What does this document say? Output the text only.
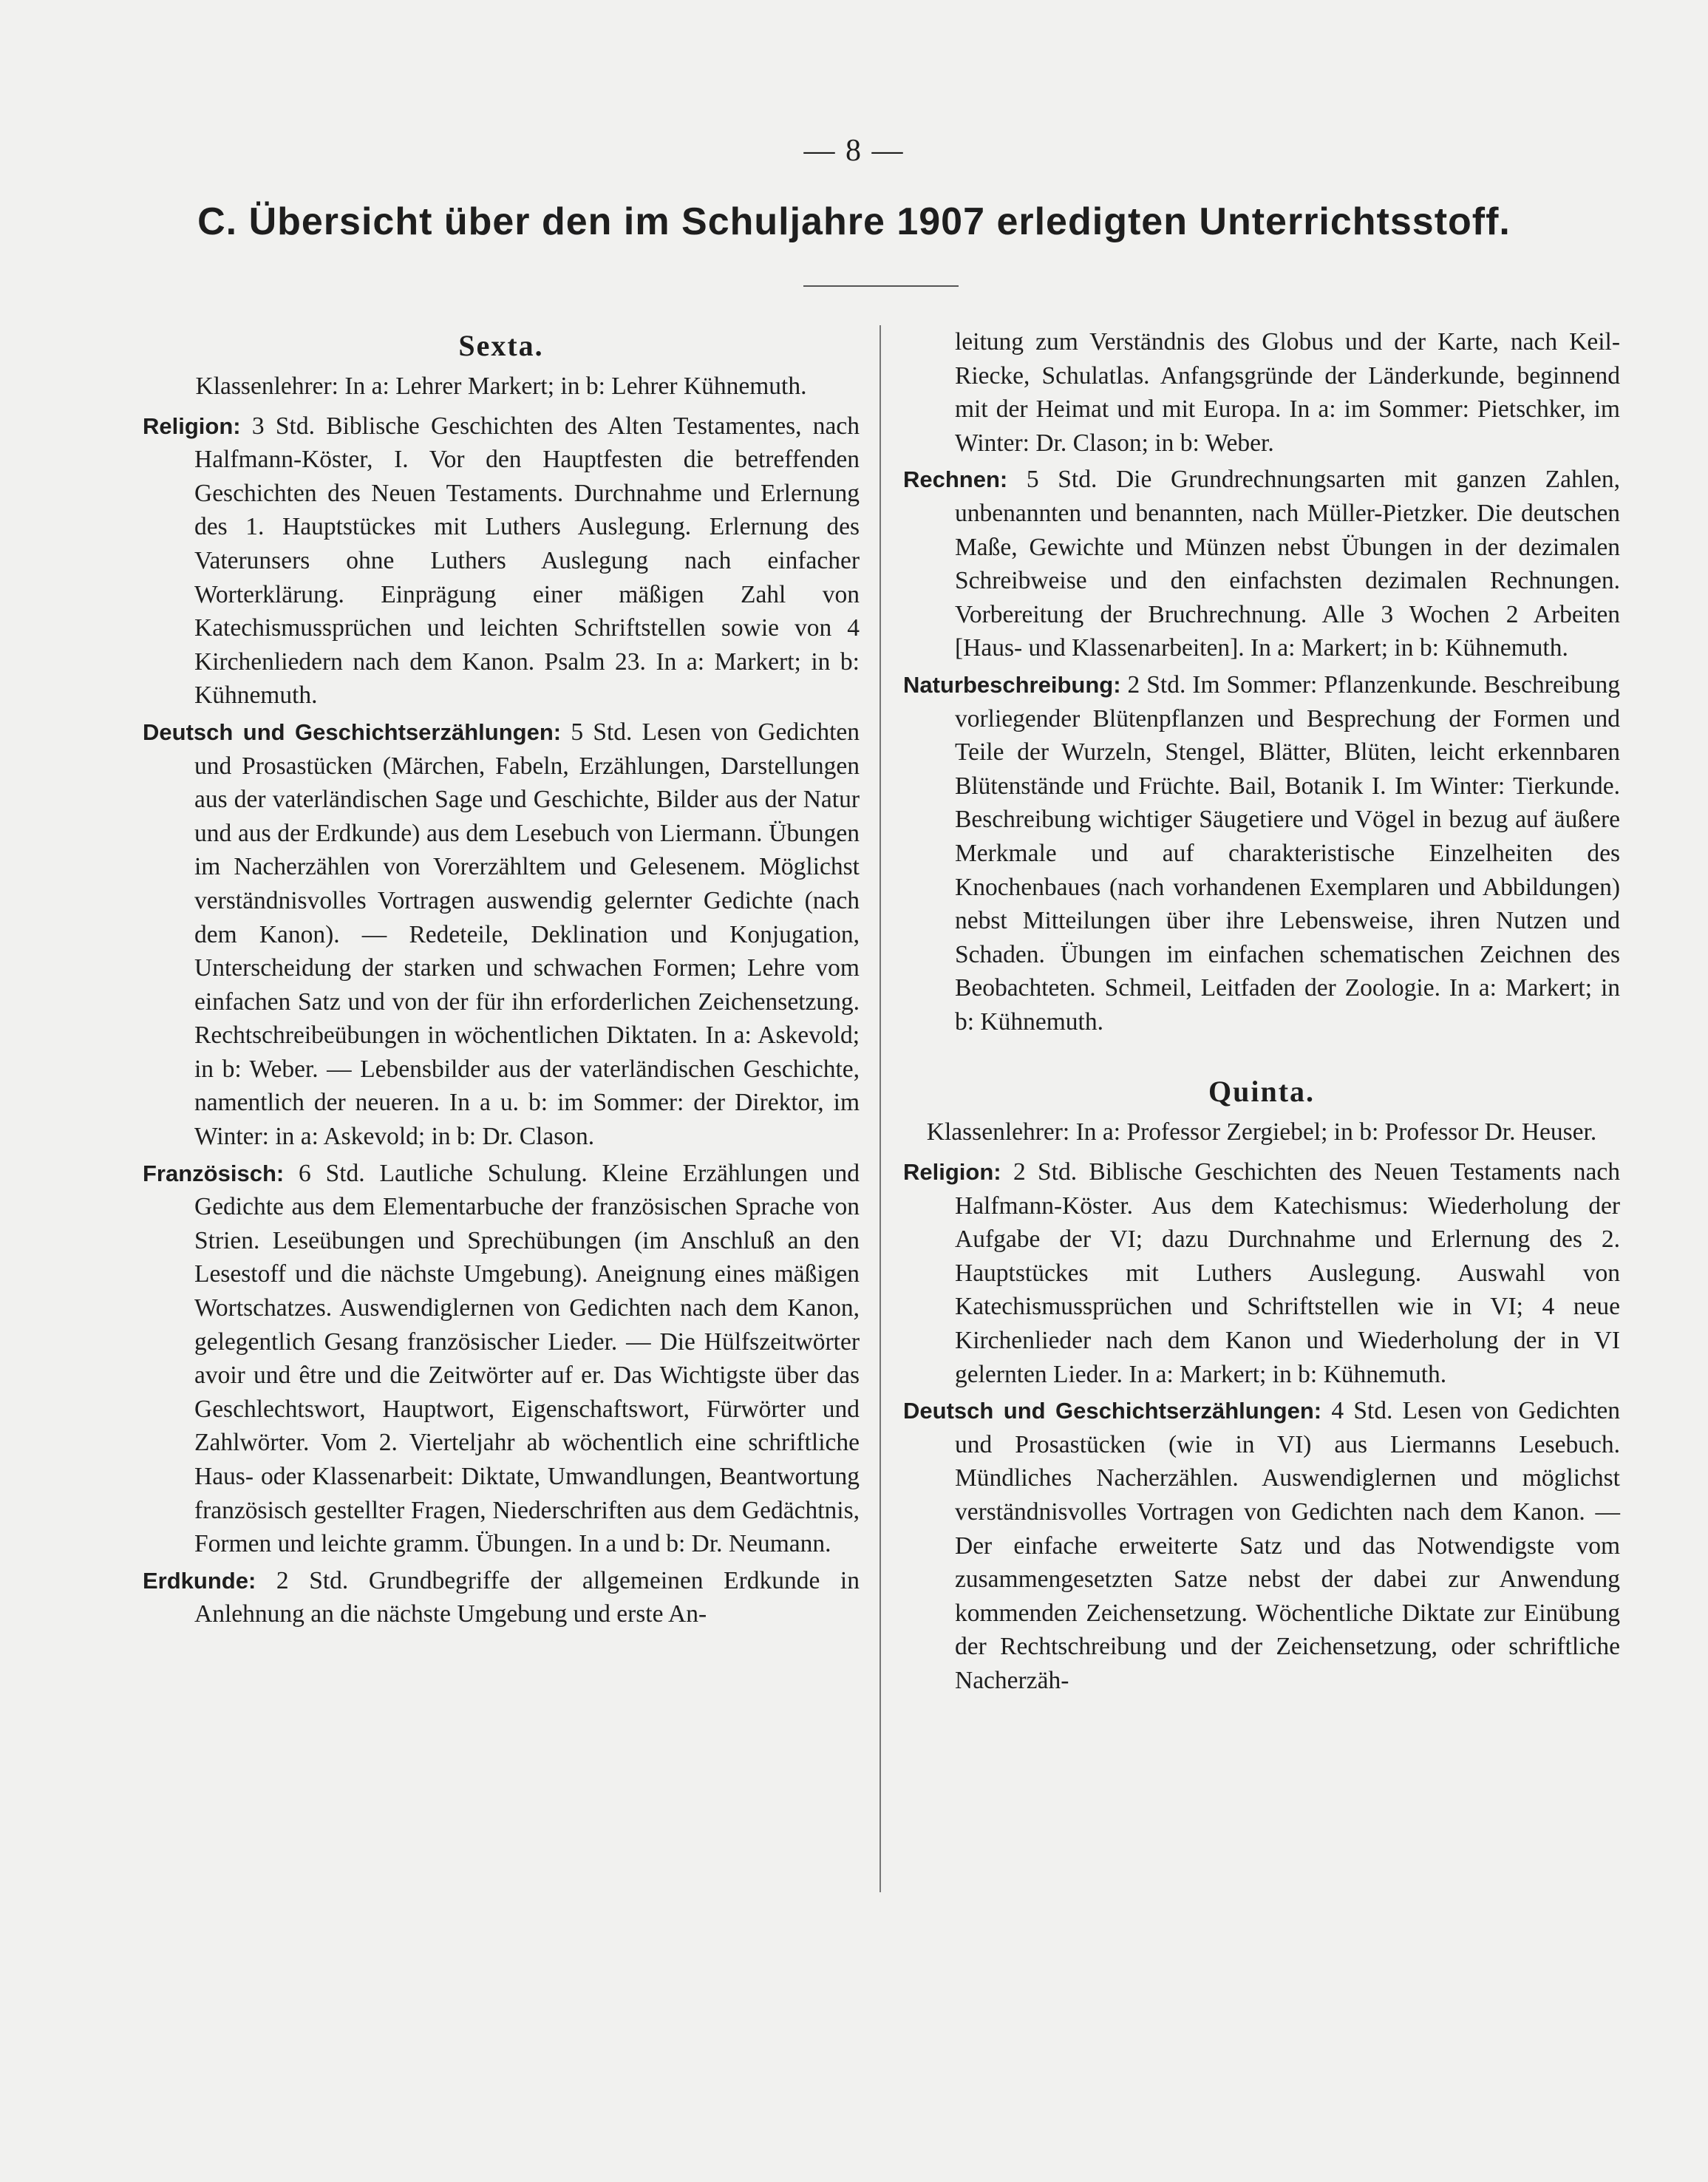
— 8 —
C. Übersicht über den im Schuljahre 1907 erledigten Unterrichtsstoff.
Sexta.
Klassenlehrer: In a: Lehrer Markert; in b: Lehrer Kühnemuth.
Religion: 3 Std. Biblische Geschichten des Alten Testamentes, nach Halfmann-Köster, I. Vor den Hauptfesten die betreffenden Geschichten des Neuen Testaments. Durchnahme und Erlernung des 1. Hauptstückes mit Luthers Auslegung. Erlernung des Vaterunsers ohne Luthers Auslegung nach einfacher Worterklärung. Einprägung einer mäßigen Zahl von Katechismussprüchen und leichten Schriftstellen sowie von 4 Kirchenliedern nach dem Kanon. Psalm 23. In a: Markert; in b: Kühnemuth.
Deutsch und Geschichtserzählungen: 5 Std. Lesen von Gedichten und Prosastücken (Märchen, Fabeln, Erzählungen, Darstellungen aus der vaterländischen Sage und Geschichte, Bilder aus der Natur und aus der Erdkunde) aus dem Lesebuch von Liermann. Übungen im Nacherzählen von Vorerzähltem und Gelesenem. Möglichst verständnisvolles Vortragen auswendig gelernter Gedichte (nach dem Kanon). — Redeteile, Deklination und Konjugation, Unterscheidung der starken und schwachen Formen; Lehre vom einfachen Satz und von der für ihn erforderlichen Zeichensetzung. Rechtschreibeübungen in wöchentlichen Diktaten. In a: Askevold; in b: Weber. — Lebensbilder aus der vaterländischen Geschichte, namentlich der neueren. In a u. b: im Sommer: der Direktor, im Winter: in a: Askevold; in b: Dr. Clason.
Französisch: 6 Std. Lautliche Schulung. Kleine Erzählungen und Gedichte aus dem Elementarbuche der französischen Sprache von Strien. Leseübungen und Sprechübungen (im Anschluß an den Lesestoff und die nächste Umgebung). Aneignung eines mäßigen Wortschatzes. Auswendiglernen von Gedichten nach dem Kanon, gelegentlich Gesang französischer Lieder. — Die Hülfszeitwörter avoir und être und die Zeitwörter auf er. Das Wichtigste über das Geschlechtswort, Hauptwort, Eigenschaftswort, Fürwörter und Zahlwörter. Vom 2. Vierteljahr ab wöchentlich eine schriftliche Haus- oder Klassenarbeit: Diktate, Umwandlungen, Beantwortung französisch gestellter Fragen, Niederschriften aus dem Gedächtnis, Formen und leichte gramm. Übungen. In a und b: Dr. Neumann.
Erdkunde: 2 Std. Grundbegriffe der allgemeinen Erdkunde in Anlehnung an die nächste Umgebung und erste An-
leitung zum Verständnis des Globus und der Karte, nach Keil-Riecke, Schulatlas. Anfangsgründe der Länderkunde, beginnend mit der Heimat und mit Europa. In a: im Sommer: Pietschker, im Winter: Dr. Clason; in b: Weber.
Rechnen: 5 Std. Die Grundrechnungsarten mit ganzen Zahlen, unbenannten und benannten, nach Müller-Pietzker. Die deutschen Maße, Gewichte und Münzen nebst Übungen in der dezimalen Schreibweise und den einfachsten dezimalen Rechnungen. Vorbereitung der Bruchrechnung. Alle 3 Wochen 2 Arbeiten [Haus- und Klassenarbeiten]. In a: Markert; in b: Kühnemuth.
Naturbeschreibung: 2 Std. Im Sommer: Pflanzenkunde. Beschreibung vorliegender Blütenpflanzen und Besprechung der Formen und Teile der Wurzeln, Stengel, Blätter, Blüten, leicht erkennbaren Blütenstände und Früchte. Bail, Botanik I. Im Winter: Tierkunde. Beschreibung wichtiger Säugetiere und Vögel in bezug auf äußere Merkmale und auf charakteristische Einzelheiten des Knochenbaues (nach vorhandenen Exemplaren und Abbildungen) nebst Mitteilungen über ihre Lebensweise, ihren Nutzen und Schaden. Übungen im einfachen schematischen Zeichnen des Beobachteten. Schmeil, Leitfaden der Zoologie. In a: Markert; in b: Kühnemuth.
Quinta.
Klassenlehrer: In a: Professor Zergiebel; in b: Professor Dr. Heuser.
Religion: 2 Std. Biblische Geschichten des Neuen Testaments nach Halfmann-Köster. Aus dem Katechismus: Wiederholung der Aufgabe der VI; dazu Durchnahme und Erlernung des 2. Hauptstückes mit Luthers Auslegung. Auswahl von Katechismussprüchen und Schriftstellen wie in VI; 4 neue Kirchenlieder nach dem Kanon und Wiederholung der in VI gelernten Lieder. In a: Markert; in b: Kühnemuth.
Deutsch und Geschichtserzählungen: 4 Std. Lesen von Gedichten und Prosastücken (wie in VI) aus Liermanns Lesebuch. Mündliches Nacherzählen. Auswendiglernen und möglichst verständnisvolles Vortragen von Gedichten nach dem Kanon. — Der einfache erweiterte Satz und das Notwendigste vom zusammengesetzten Satze nebst der dabei zur Anwendung kommenden Zeichensetzung. Wöchentliche Diktate zur Einübung der Rechtschreibung und der Zeichensetzung, oder schriftliche Nacherzäh-
